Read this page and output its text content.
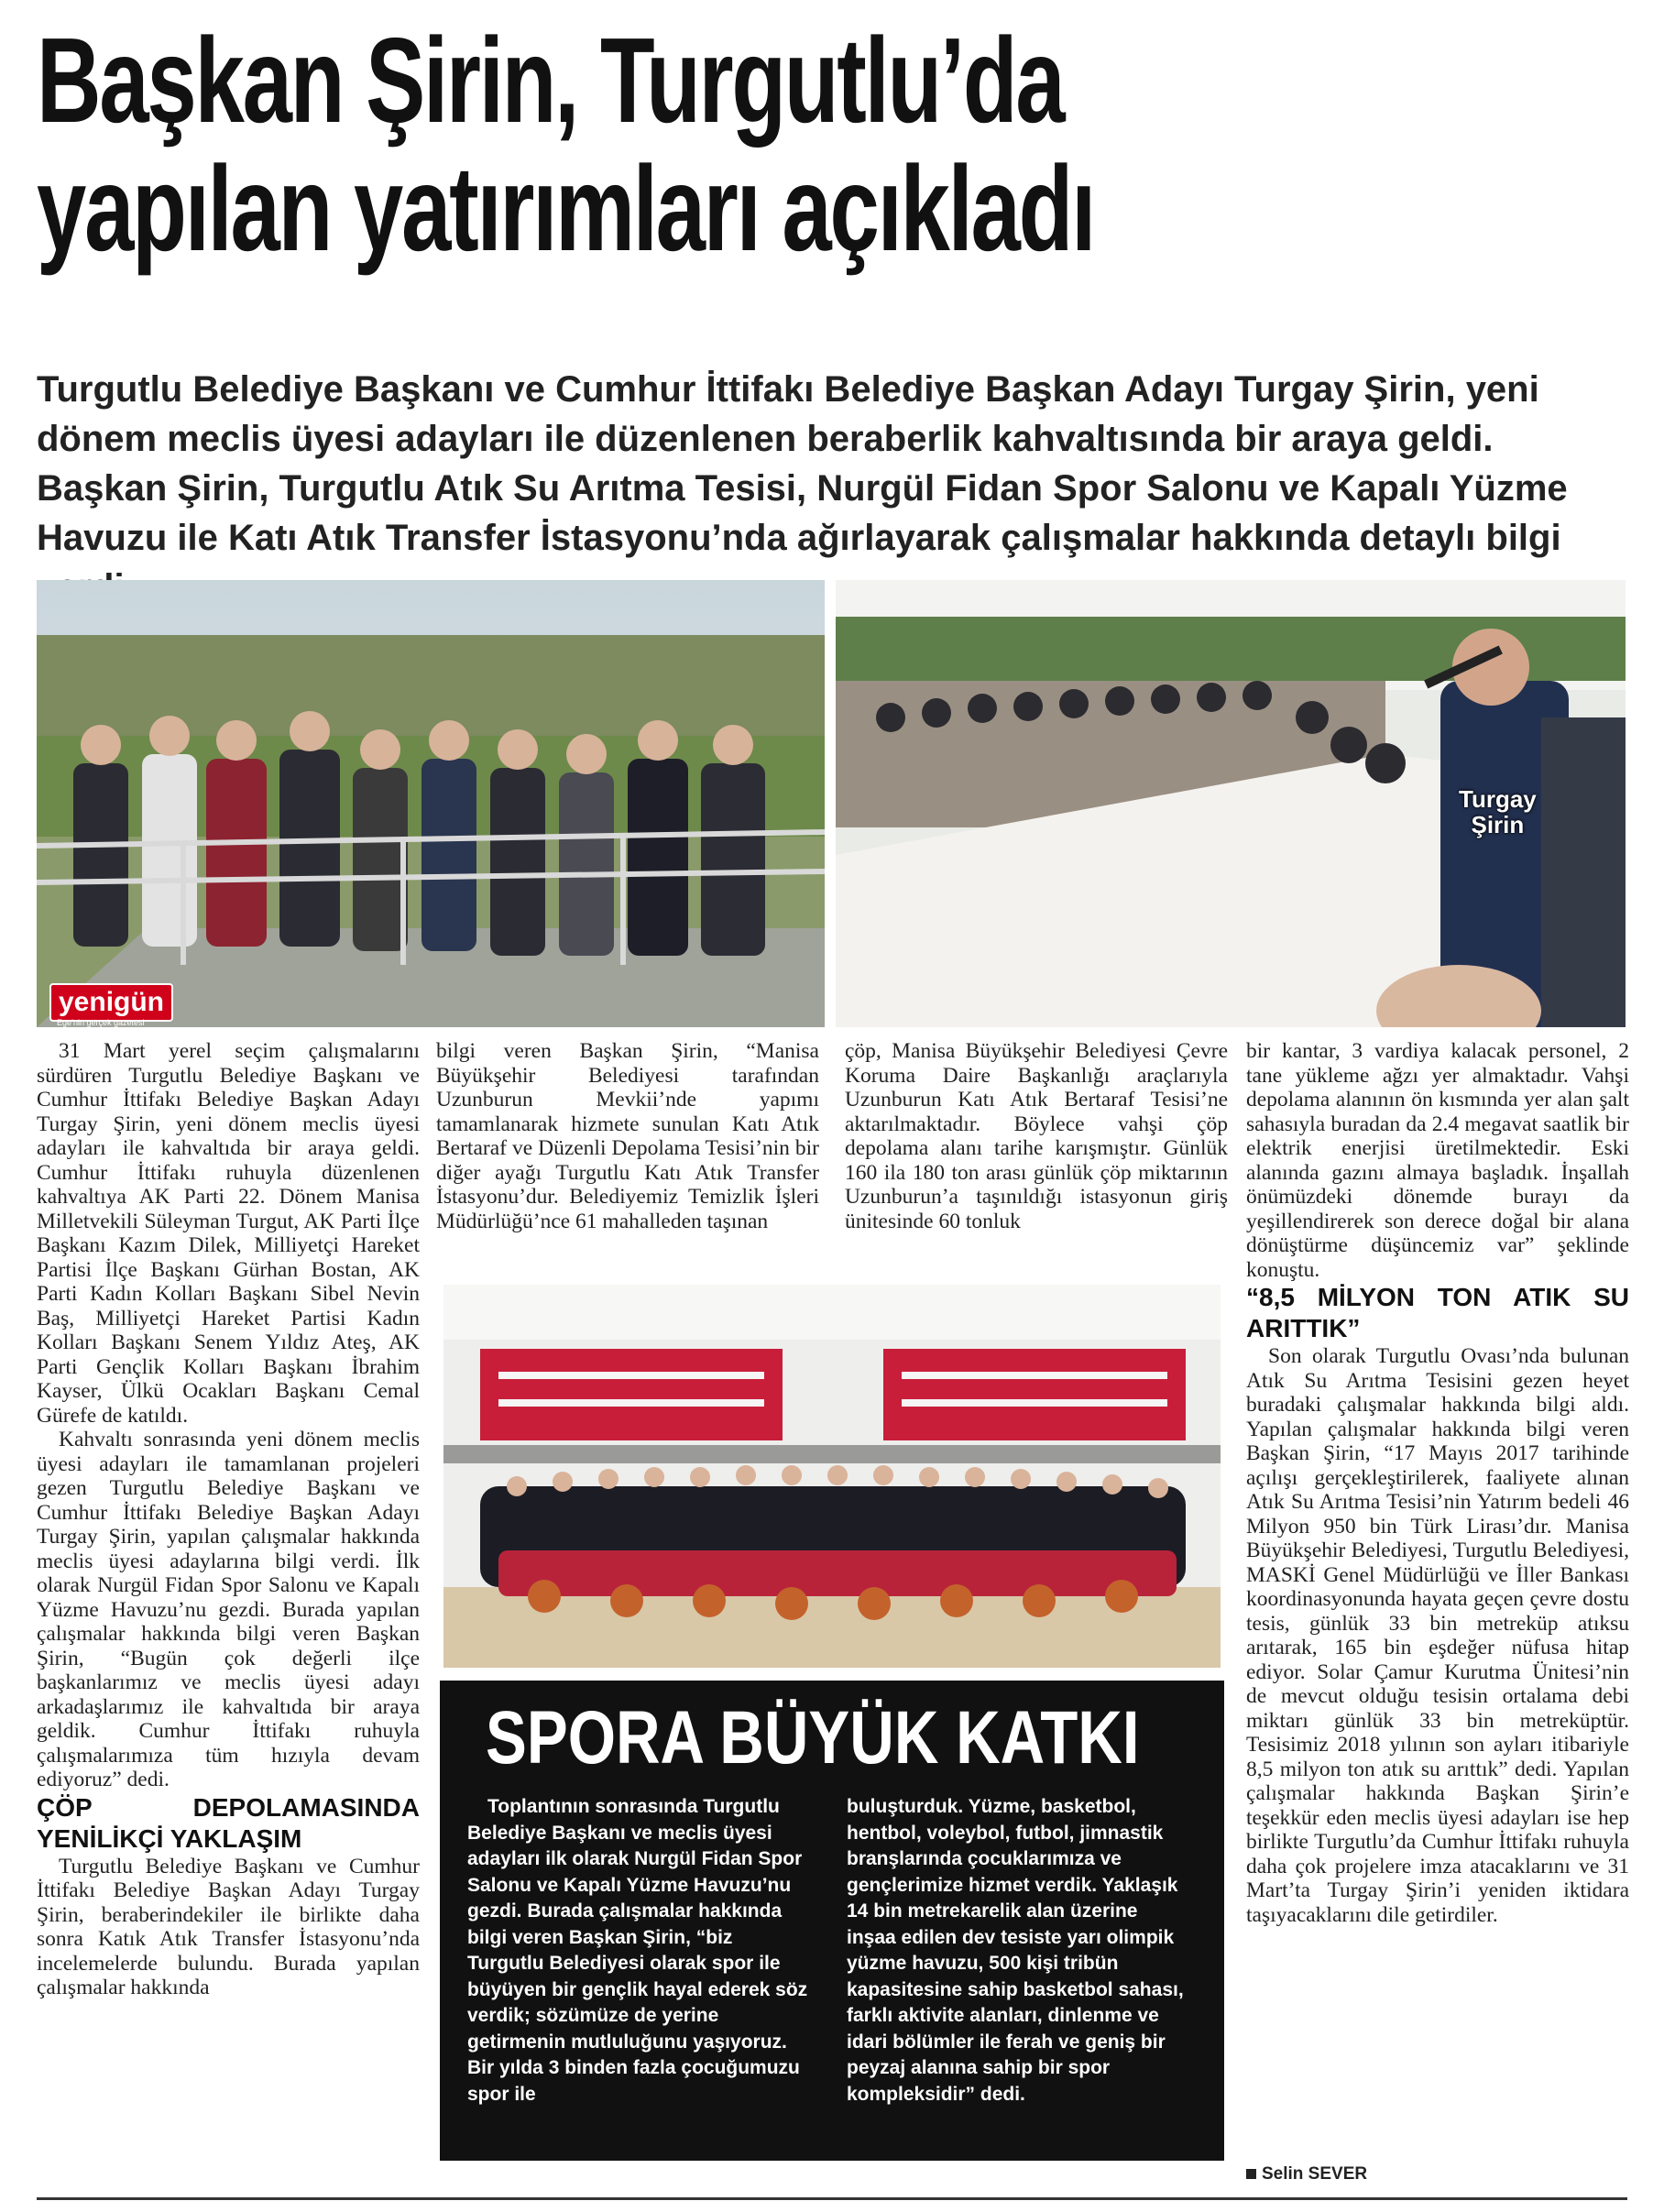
Başkan Şirin, Turgutlu’da
yapılan yatırımları açıkladı

Turgutlu Belediye Başkanı ve Cumhur İttifakı Belediye Başkan Adayı Turgay Şirin, yeni dönem meclis üyesi adayları ile düzenlenen beraberlik kahvaltısında bir araya geldi. Başkan Şirin, Turgutlu Atık Su Arıtma Tesisi, Nurgül Fidan Spor Salonu ve Kapalı Yüzme Havuzu ile Katı Atık Transfer İstasyonu’nda ağırlayarak çalışmalar hakkında detaylı bilgi

yenigün
Ege’nin gerçek gazetesi
Turgay
Şirin

31 Mart yerel seçim çalışmalarını sürdüren Turgutlu Belediye Başkanı ve Cumhur İttifakı Belediye Başkan Adayı Turgay Şirin, yeni dönem meclis üyesi adayları ile kahvaltıda bir araya geldi. Cumhur İttifakı ruhuyla düzenlenen kahvaltıya AK Parti 22. Dönem Manisa Milletvekili Süleyman Turgut, AK Parti İlçe Başkanı Kazım Dilek, Milliyetçi Hareket Partisi İlçe Başkanı Gürhan Bostan, AK Parti Kadın Kolları Başkanı Sibel Nevin Baş, Milliyetçi Hareket Partisi Kadın Kolları Başkanı Senem Yıldız Ateş, AK Parti Gençlik Kolları Başkanı İbrahim Kayser, Ülkü Ocakları Başkanı Cemal Gürefe de katıldı.

Kahvaltı sonrasında yeni dönem meclis üyesi adayları ile tamamlanan projeleri gezen Turgutlu Belediye Başkanı ve Cumhur İttifakı Belediye Başkan Adayı Turgay Şirin, yapılan çalışmalar hakkında meclis üyesi adaylarına bilgi verdi. İlk olarak Nurgül Fidan Spor Salonu ve Kapalı Yüzme Havuzu’nu gezdi. Burada yapılan çalışmalar hakkında bilgi veren Başkan Şirin, “Bugün çok değerli ilçe başkanlarımız ve meclis üyesi adayı arkadaşlarımız ile kahvaltıda bir araya geldik. Cumhur İttifakı ruhuyla çalışmalarımıza tüm hızıyla devam ediyoruz” dedi.

ÇÖP DEPOLAMASINDA YENİLİKÇİ YAKLAŞIM

Turgutlu Belediye Başkanı ve Cumhur İttifakı Belediye Başkan Adayı Turgay Şirin, beraberindekiler ile birlikte daha sonra Katık Atık Transfer İstasyonu’nda incelemelerde bulundu. Burada yapılan çalışmalar hakkında

bilgi veren Başkan Şirin, “Manisa Büyükşehir Belediyesi tarafından Uzunburun Mevkii’nde yapımı tamamlanarak hizmete sunulan Katı Atık Bertaraf ve Düzenli Depolama Tesisi’nin bir diğer ayağı Turgutlu Katı Atık Transfer İstasyonu’dur. Belediyemiz Temizlik İşleri Müdürlüğü’nce 61 mahalleden taşınan

çöp, Manisa Büyükşehir Belediyesi Çevre Koruma Daire Başkanlığı araçlarıyla Uzunburun Katı Atık Bertaraf Tesisi’ne aktarılmaktadır. Böylece vahşi çöp depolama alanı tarihe karışmıştır. Günlük 160 ila 180 ton arası günlük çöp miktarının Uzunburun’a taşınıldığı istasyonun giriş ünitesinde 60 tonluk

bir kantar, 3 vardiya kalacak personel, 2 tane yükleme ağzı yer almaktadır. Vahşi depolama alanının ön kısmında yer alan şalt sahasıyla buradan da 2.4 megavat saatlik bir elektrik enerjisi üretilmektedir. Eski alanında gazını almaya başladık. İnşallah önümüzdeki dönemde burayı da yeşillendirerek son derece doğal bir alana dönüştürme düşüncemiz var” şeklinde konuştu.

“8,5 MİLYON TON ATIK SU ARITTIK”

Son olarak Turgutlu Ovası’nda bulunan Atık Su Arıtma Tesisini gezen heyet buradaki çalışmalar hakkında bilgi aldı. Yapılan çalışmalar hakkında bilgi veren Başkan Şirin, “17 Mayıs 2017 tarihinde açılışı gerçekleştirilerek, faaliyete alınan Atık Su Arıtma Tesisi’nin Yatırım bedeli 46 Milyon 950 bin Türk Lirası’dır. Manisa Büyükşehir Belediyesi, Turgutlu Belediyesi, MASKİ Genel Müdürlüğü ve İller Bankası koordinasyonunda hayata geçen çevre dostu tesis, günlük 33 bin metreküp atıksu arıtarak, 165 bin eşdeğer nüfusa hitap ediyor. Solar Çamur Kurutma Ünitesi’nin de mevcut olduğu tesisin ortalama debi miktarı günlük 33 bin metreküptür. Tesisimiz 2018 yılının son ayları itibariyle 8,5 milyon ton atık su arıttık” dedi. Yapılan çalışmalar hakkında Başkan Şirin’e teşekkür eden meclis üyesi adayları ise hep birlikte Turgutlu’da Cumhur İttifakı ruhuyla daha çok projelere imza atacaklarını ve 31 Mart’ta Turgay Şirin’i yeniden iktidara taşıyacaklarını dile getirdiler.

SPORA BÜYÜK KATKI

Toplantının sonrasında Turgutlu Belediye Başkanı ve meclis üyesi adayları ilk olarak Nurgül Fidan Spor Salonu ve Kapalı Yüzme Havuzu’nu gezdi. Burada çalışmalar hakkında bilgi veren Başkan Şirin, “biz Turgutlu Belediyesi olarak spor ile büyüyen bir gençlik hayal ederek söz verdik; sözümüze de yerine getirmenin mutluluğunu yaşıyoruz. Bir yılda 3 binden fazla çocuğumuzu spor ile

buluşturduk. Yüzme, basketbol, hentbol, voleybol, futbol, jimnastik branşlarında çocuklarımıza ve gençlerimize hizmet verdik. Yaklaşık 14 bin metrekarelik alan üzerine inşaa edilen dev tesiste yarı olimpik yüzme havuzu, 500 kişi tribün kapasitesine sahip basketbol sahası, farklı aktivite alanları, dinlenme ve idari bölümler ile ferah ve geniş bir peyzaj alanına sahip bir spor kompleksidir” dedi.

Selin SEVER
